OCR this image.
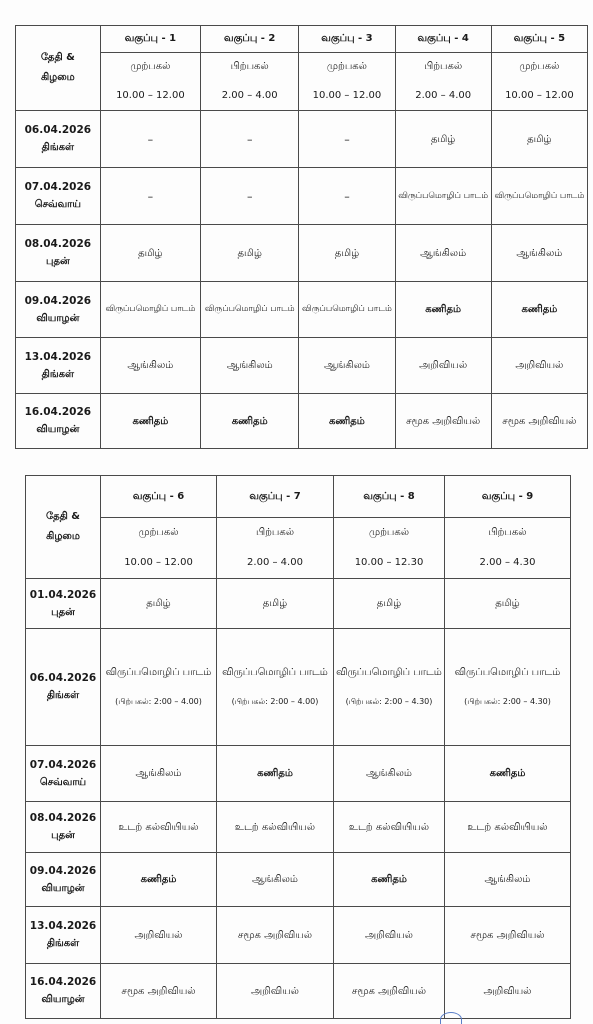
தேதி &
கிழமை	வகுப்பு - 1	வகுப்பு - 2	வகுப்பு - 3	வகுப்பு - 4	வகுப்பு - 5
	முற்பகல்	பிற்பகல்	முற்பகல்	பிற்பகல்	முற்பகல்
	10.00 – 12.00	2.00 – 4.00	10.00 – 12.00	2.00 – 4.00	10.00 – 12.00

06.04.2026
திங்கள்	–	–	–	தமிழ்	தமிழ்

07.04.2026
செவ்வாய்	–	–	–	விருப்பமொழிப் பாடம்	விருப்பமொழிப் பாடம்

08.04.2026
புதன்	தமிழ்	தமிழ்	தமிழ்	ஆங்கிலம்	ஆங்கிலம்

09.04.2026
வியாழன்	விருப்பமொழிப் பாடம்	விருப்பமொழிப் பாடம்	விருப்பமொழிப் பாடம்	கணிதம்	கணிதம்

13.04.2026
திங்கள்	ஆங்கிலம்	ஆங்கிலம்	ஆங்கிலம்	அறிவியல்	அறிவியல்

16.04.2026
வியாழன்	கணிதம்	கணிதம்	கணிதம்	சமூக அறிவியல்	சமூக அறிவியல்
தேதி &
கிழமை	வகுப்பு - 6	வகுப்பு - 7	வகுப்பு - 8	வகுப்பு - 9
	முற்பகல்	பிற்பகல்	முற்பகல்	பிற்பகல்
	10.00 – 12.00	2.00 – 4.00	10.00 – 12.30	2.00 – 4.30

01.04.2026
புதன்	தமிழ்	தமிழ்	தமிழ்	தமிழ்

06.04.2026
திங்கள்	விருப்பமொழிப் பாடம்
(பிற்பகல்: 2:00 – 4.00)	விருப்பமொழிப் பாடம்
(பிற்பகல்: 2:00 – 4.00)	விருப்பமொழிப் பாடம்
(பிற்பகல்: 2:00 – 4.30)	விருப்பமொழிப் பாடம்
(பிற்பகல்: 2:00 – 4.30)

07.04.2026
செவ்வாய்	ஆங்கிலம்	கணிதம்	ஆங்கிலம்	கணிதம்

08.04.2026
புதன்	உடற் கல்வியியல்	உடற் கல்வியியல்	உடற் கல்வியியல்	உடற் கல்வியியல்

09.04.2026
வியாழன்	கணிதம்	ஆங்கிலம்	கணிதம்	ஆங்கிலம்

13.04.2026
திங்கள்	அறிவியல்	சமூக அறிவியல்	அறிவியல்	சமூக அறிவியல்

16.04.2026
வியாழன்	சமூக அறிவியல்	அறிவியல்	சமூக அறிவியல்	அறிவியல்
